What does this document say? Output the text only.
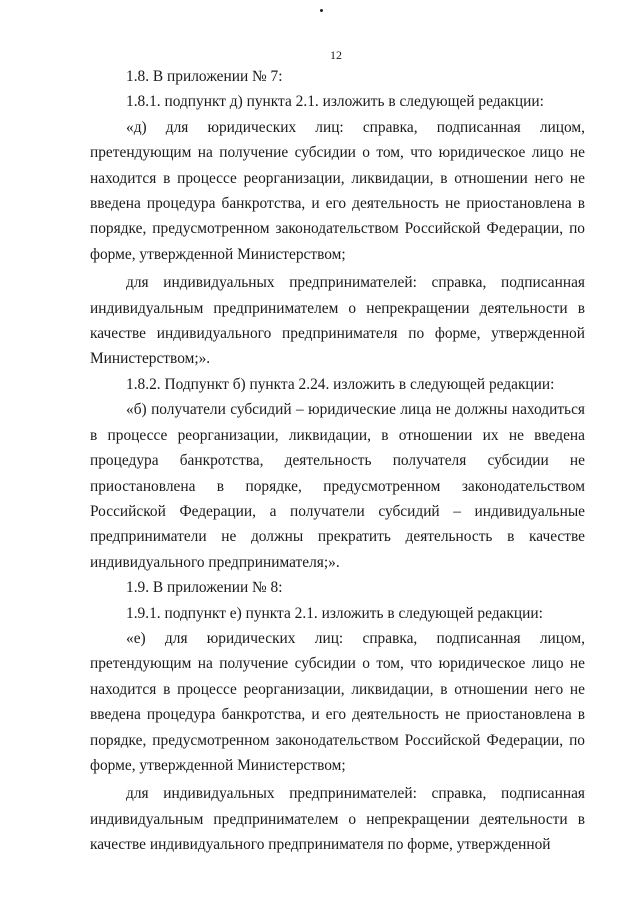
12

1.8. В приложении № 7:

1.8.1. подпункт д) пункта 2.1. изложить в следующей редакции:

«д) для юридических лиц: справка, подписанная лицом, претендующим на получение субсидии о том, что юридическое лицо не находится в процессе реорганизации, ликвидации, в отношении него не введена процедура банкротства, и его деятельность не приостановлена в порядке, предусмотренном законодательством Российской Федерации, по форме, утвержденной Министерством;

для индивидуальных предпринимателей: справка, подписанная индивидуальным предпринимателем о непрекращении деятельности в качестве индивидуального предпринимателя по форме, утвержденной Министерством;».

1.8.2. Подпункт б) пункта 2.24. изложить в следующей редакции:

«б) получатели субсидий – юридические лица не должны находиться в процессе реорганизации, ликвидации, в отношении их не введена процедура банкротства, деятельность получателя субсидии не приостановлена в порядке, предусмотренном законодательством Российской Федерации, а получатели субсидий – индивидуальные предприниматели не должны прекратить деятельность в качестве индивидуального предпринимателя;».

1.9. В приложении № 8:

1.9.1. подпункт е) пункта 2.1. изложить в следующей редакции:

«е) для юридических лиц: справка, подписанная лицом, претендующим на получение субсидии о том, что юридическое лицо не находится в процессе реорганизации, ликвидации, в отношении него не введена процедура банкротства, и его деятельность не приостановлена в порядке, предусмотренном законодательством Российской Федерации, по форме, утвержденной Министерством;

для индивидуальных предпринимателей: справка, подписанная индивидуальным предпринимателем о непрекращении деятельности в качестве индивидуального предпринимателя по форме, утвержденной
